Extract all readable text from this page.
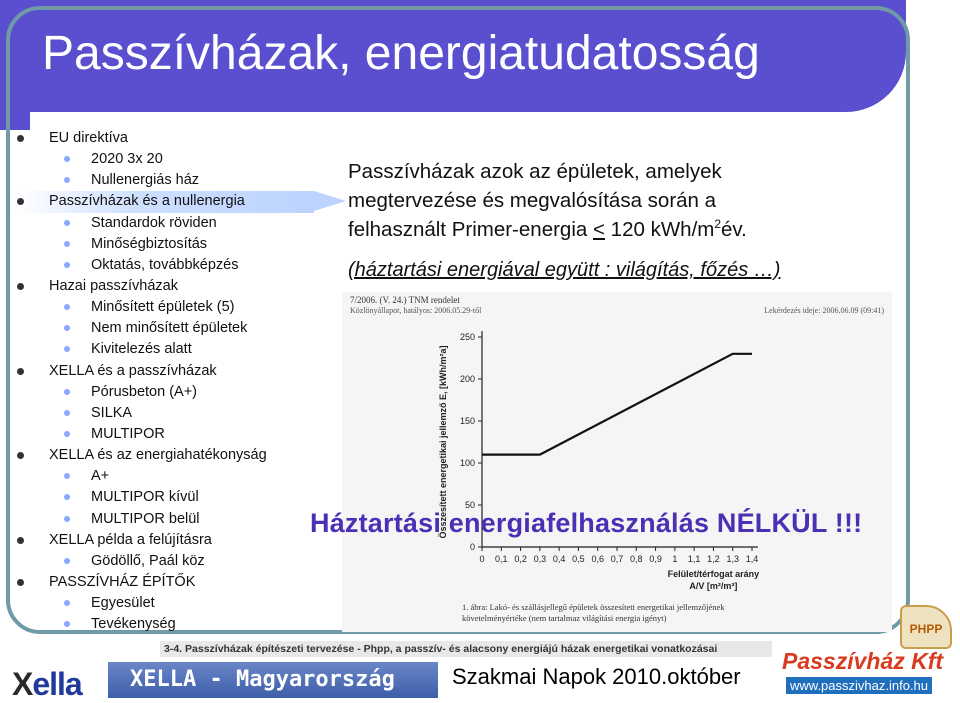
Passzívházak, energiatudatosság
EU direktíva
2020 3x 20
Nullenergiás ház
Passzívházak és a nullenergia
Standardok röviden
Minőségbiztosítás
Oktatás, továbbképzés
Hazai passzívházak
Minősített épületek (5)
Nem minősített épületek
Kivitelezés alatt
XELLA és a passzívházak
Pórusbeton (A+)
SILKA
MULTIPOR
XELLA és az energiahatékonyság
A+
MULTIPOR kívül
MULTIPOR belül
XELLA példa a felújításra
Gödöllő, Paál köz
PASSZÍVHÁZ ÉPÍTŐK
Egyesület
Tevékenység
Passzívházak azok az épületek, amelyek megtervezése és megvalósítása során a felhasznált Primer-energia < 120 kWh/$m^2év$.
(háztartási energiával együtt : világítás, főzés …)
7/2006. (V. 24.) TNM rendelet
Közlönyállapot, hatályos: 2006.05.29-től	Lekérdezés ideje: 2006.06.09 (09:41)
0
50
100
150
200
250
0 0,1 0,2 0,3 0,4 0,5 0,6 0,7 0,8 0,9 1 1,1 1,2 1,3 1,4
Összesített energetikai jellemző E, [kWh/m²a]
Felület/térfogat arány
A/V [m²/m³]
1. ábra: Lakó- és szállásjellegű épületek összesített energetikai jellemzőjének követelményértéke (nem tartalmaz világítási energia igényt)
Háztartási energiafelhasználás NÉLKÜL !!!
3-4. Passzívházak építészeti tervezése - Phpp, a passzív- és alacsony energiájú házak energetikai vonatkozásai
Xella	XELLA - Magyarország	Szakmai Napok 2010.október
PHPP
Passzívház Kft
www.passzivhaz.info.hu
